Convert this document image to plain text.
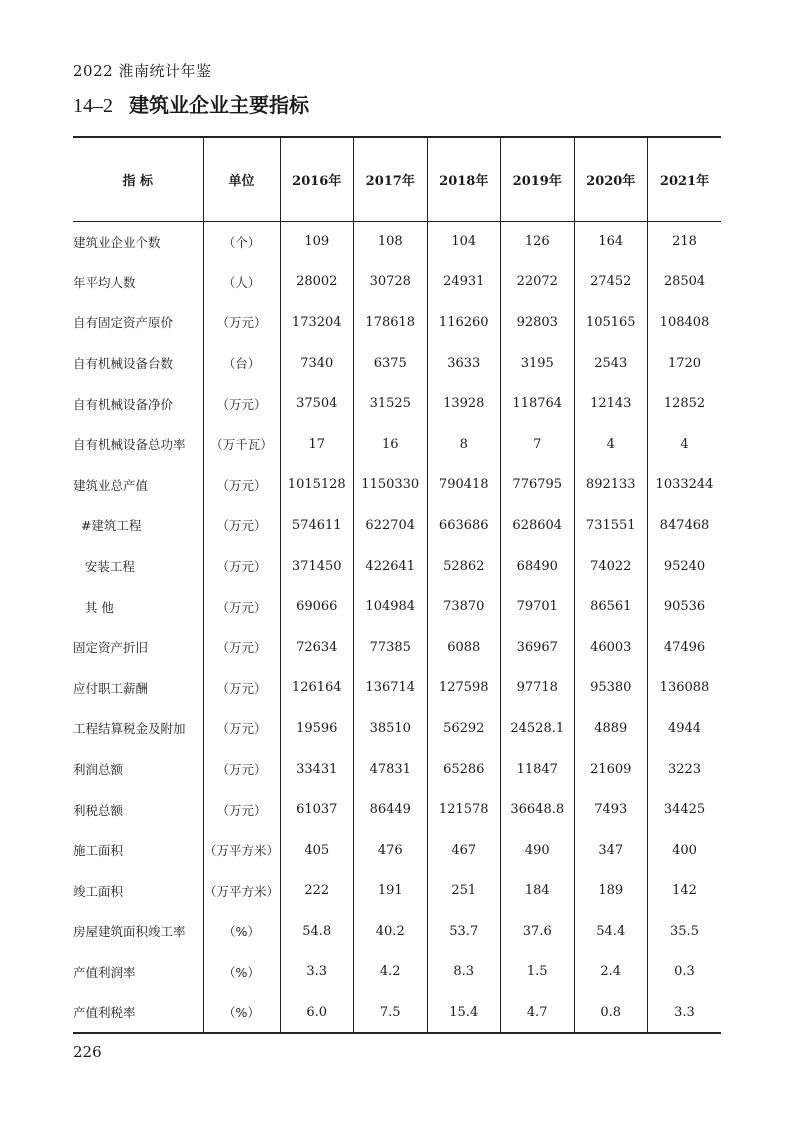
2022 淮南统计年鉴
14–2 建筑业企业主要指标
指 标	单位	2016年	2017年	2018年	2019年	2020年	2021年
建筑业企业个数	（个）	109	108	104	126	164	218
年平均人数	（人）	28002	30728	24931	22072	27452	28504
自有固定资产原价	（万元）	173204	178618	116260	92803	105165	108408
自有机械设备台数	（台）	7340	6375	3633	3195	2543	1720
自有机械设备净价	（万元）	37504	31525	13928	118764	12143	12852
自有机械设备总功率	（万千瓦）	17	16	8	7	4	4
建筑业总产值	（万元）	1015128	1150330	790418	776795	892133	1033244
#建筑工程	（万元）	574611	622704	663686	628604	731551	847468
安装工程	（万元）	371450	422641	52862	68490	74022	95240
其 他	（万元）	69066	104984	73870	79701	86561	90536
固定资产折旧	（万元）	72634	77385	6088	36967	46003	47496
应付职工薪酬	（万元）	126164	136714	127598	97718	95380	136088
工程结算税金及附加	（万元）	19596	38510	56292	24528.1	4889	4944
利润总额	（万元）	33431	47831	65286	11847	21609	3223
利税总额	（万元）	61037	86449	121578	36648.8	7493	34425
施工面积	（万平方米）	405	476	467	490	347	400
竣工面积	（万平方米）	222	191	251	184	189	142
房屋建筑面积竣工率	（%）	54.8	40.2	53.7	37.6	54.4	35.5
产值利润率	（%）	3.3	4.2	8.3	1.5	2.4	0.3
产值利税率	（%）	6.0	7.5	15.4	4.7	0.8	3.3
226
